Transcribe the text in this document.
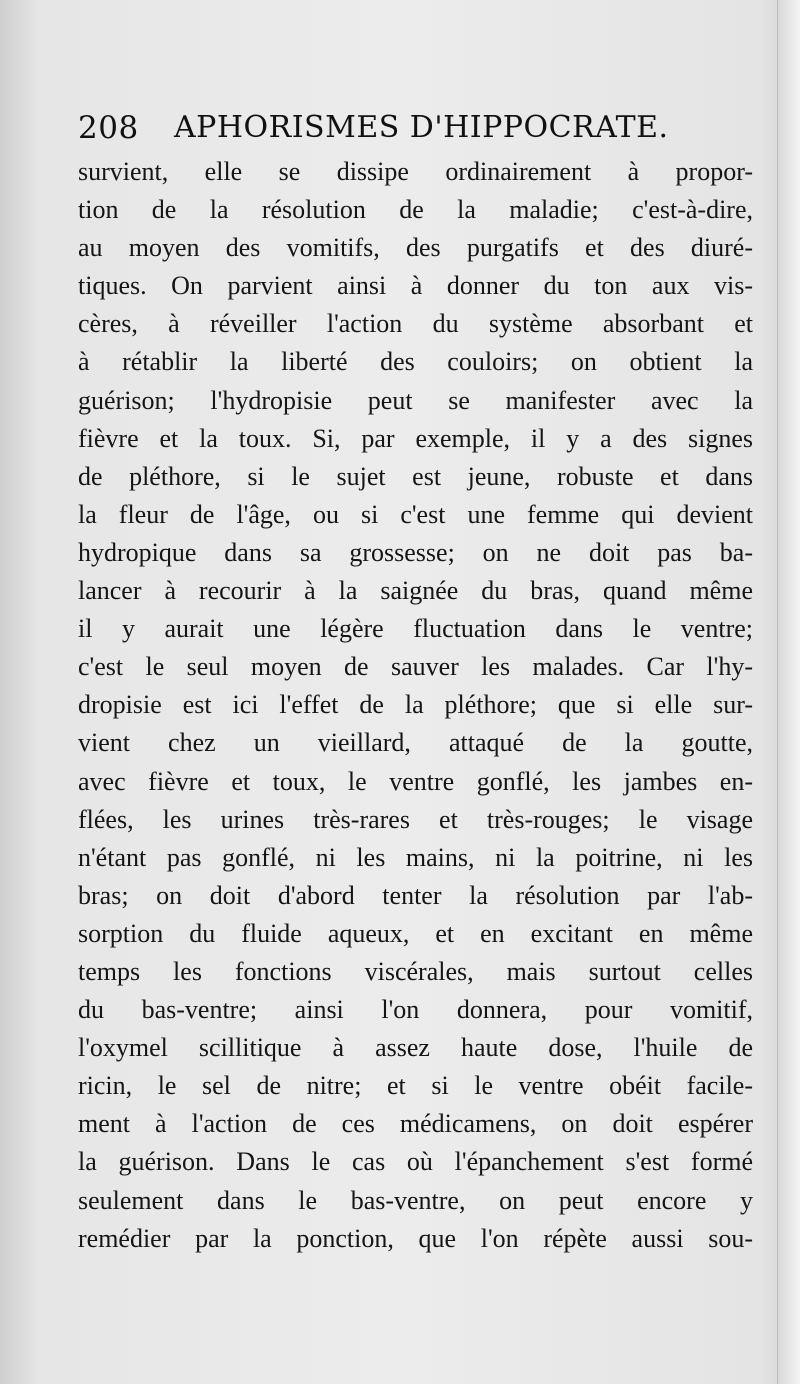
208 APHORISMES D'HIPPOCRATE.
survient, elle se dissipe ordinairement à propor-
tion de la résolution de la maladie; c'est-à-dire,
au moyen des vomitifs, des purgatifs et des diuré-
tiques. On parvient ainsi à donner du ton aux vis-
cères, à réveiller l'action du système absorbant et
à rétablir la liberté des couloirs; on obtient la
guérison; l'hydropisie peut se manifester avec la
fièvre et la toux. Si, par exemple, il y a des signes
de pléthore, si le sujet est jeune, robuste et dans
la fleur de l'âge, ou si c'est une femme qui devient
hydropique dans sa grossesse; on ne doit pas ba-
lancer à recourir à la saignée du bras, quand même
il y aurait une légère fluctuation dans le ventre;
c'est le seul moyen de sauver les malades. Car l'hy-
dropisie est ici l'effet de la pléthore; que si elle sur-
vient chez un vieillard, attaqué de la goutte,
avec fièvre et toux, le ventre gonflé, les jambes en-
flées, les urines très-rares et très-rouges; le visage
n'étant pas gonflé, ni les mains, ni la poitrine, ni les
bras; on doit d'abord tenter la résolution par l'ab-
sorption du fluide aqueux, et en excitant en même
temps les fonctions viscérales, mais surtout celles
du bas-ventre; ainsi l'on donnera, pour vomitif,
l'oxymel scillitique à assez haute dose, l'huile de
ricin, le sel de nitre; et si le ventre obéit facile-
ment à l'action de ces médicamens, on doit espérer
la guérison. Dans le cas où l'épanchement s'est formé
seulement dans le bas-ventre, on peut encore y
remédier par la ponction, que l'on répète aussi sou-
